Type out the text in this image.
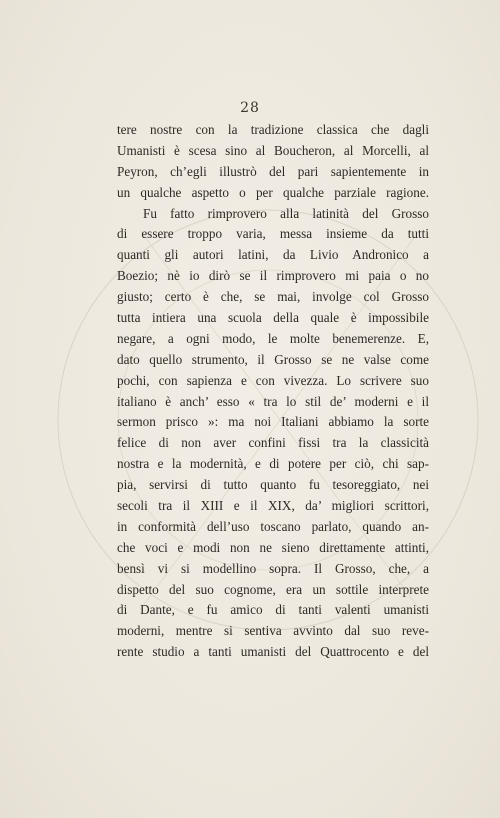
28
tere nostre con la tradizione classica che dagli
Umanisti è scesa sino al Boucheron, al Morcelli, al
Peyron, ch’egli illustrò del pari sapientemente in
un qualche aspetto o per qualche parziale ragione.
Fu fatto rimprovero alla latinità del Grosso
di essere troppo varia, messa insieme da tutti
quanti gli autori latini, da Livio Andronico a
Boezio; nè io dirò se il rimprovero mi paia o no
giusto; certo è che, se mai, involge col Grosso
tutta intiera una scuola della quale è impossibile
negare, a ogni modo, le molte benemerenze. E,
dato quello strumento, il Grosso se ne valse come
pochi, con sapienza e con vivezza. Lo scrivere suo
italiano è anch’ esso « tra lo stil de’ moderni e il
sermon prisco »: ma noi Italiani abbiamo la sorte
felice di non aver confini fissi tra la classicità
nostra e la modernità, e di potere per ciò, chi sap-
pia, servirsi di tutto quanto fu tesoreggiato, nei
secoli tra il XIII e il XIX, da’ migliori scrittori,
in conformità dell’uso toscano parlato, quando an-
che voci e modi non ne sieno direttamente attinti,
bensì vi si modellino sopra. Il Grosso, che, a
dispetto del suo cognome, era un sottile interprete
di Dante, e fu amico di tanti valenti umanisti
moderni, mentre si sentiva avvinto dal suo reve-
rente studio a tanti umanisti del Quattrocento e del
